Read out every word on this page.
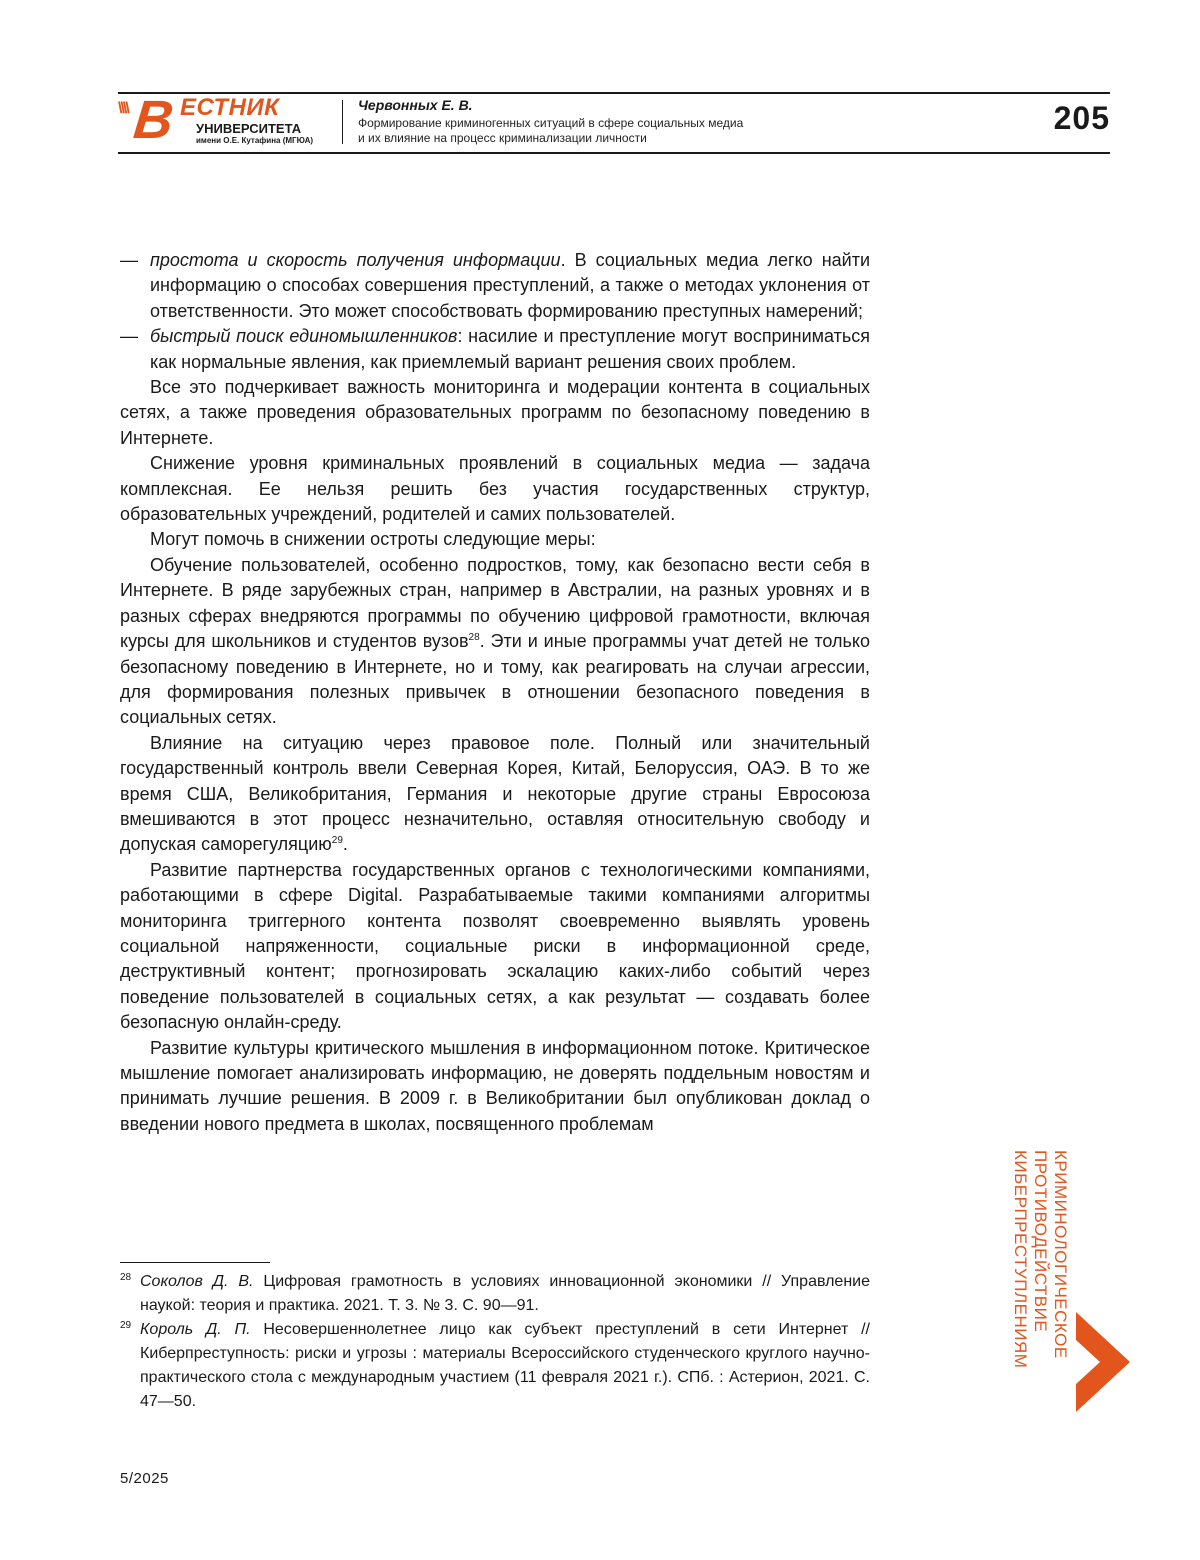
\\\\ В ЕСТНИК
УНИВЕРСИТЕТА
имени О.Е. Кутафина (МГЮА)
Червонных Е. В.
Формирование криминогенных ситуаций в сфере социальных медиа
и их влияние на процесс криминализации личности
205

— простота и скорость получения информации. В социальных медиа легко найти информацию о способах совершения преступлений, а также о методах уклонения от ответственности. Это может способствовать формированию преступных намерений;

— быстрый поиск единомышленников: насилие и преступление могут восприниматься как нормальные явления, как приемлемый вариант решения своих проблем.

Все это подчеркивает важность мониторинга и модерации контента в социальных сетях, а также проведения образовательных программ по безопасному поведению в Интернете.

Снижение уровня криминальных проявлений в социальных медиа — задача комплексная. Ее нельзя решить без участия государственных структур, образовательных учреждений, родителей и самих пользователей.

Могут помочь в снижении остроты следующие меры:

Обучение пользователей, особенно подростков, тому, как безопасно вести себя в Интернете. В ряде зарубежных стран, например в Австралии, на разных уровнях и в разных сферах внедряются программы по обучению цифровой грамотности, включая курсы для школьников и студентов вузов28. Эти и иные программы учат детей не только безопасному поведению в Интернете, но и тому, как реагировать на случаи агрессии, для формирования полезных привычек в отношении безопасного поведения в социальных сетях.

Влияние на ситуацию через правовое поле. Полный или значительный государственный контроль ввели Северная Корея, Китай, Белоруссия, ОАЭ. В то же время США, Великобритания, Германия и некоторые другие страны Евросоюза вмешиваются в этот процесс незначительно, оставляя относительную свободу и допуская саморегуляцию29.

Развитие партнерства государственных органов с технологическими компаниями, работающими в сфере Digital. Разрабатываемые такими компаниями алгоритмы мониторинга триггерного контента позволят своевременно выявлять уровень социальной напряженности, социальные риски в информационной среде, деструктивный контент; прогнозировать эскалацию каких-либо событий через поведение пользователей в социальных сетях, а как результат — создавать более безопасную онлайн-среду.

Развитие культуры критического мышления в информационном потоке. Критическое мышление помогает анализировать информацию, не доверять поддельным новостям и принимать лучшие решения. В 2009 г. в Великобритании был опубликован доклад о введении нового предмета в школах, посвященного проблемам

28 Соколов Д. В. Цифровая грамотность в условиях инновационной экономики // Управление наукой: теория и практика. 2021. Т. 3. № 3. С. 90—91.
29 Король Д. П. Несовершеннолетнее лицо как субъект преступлений в сети Интернет // Киберпреступность: риски и угрозы : материалы Всероссийского студенческого круглого научно-практического стола с международным участием (11 февраля 2021 г.). СПб. : Астерион, 2021. С. 47—50.
5/2025
КРИМИНОЛОГИЧЕСКОЕ
ПРОТИВОДЕЙСТВИЕ
КИБЕРПРЕСТУПЛЕНИЯМ
